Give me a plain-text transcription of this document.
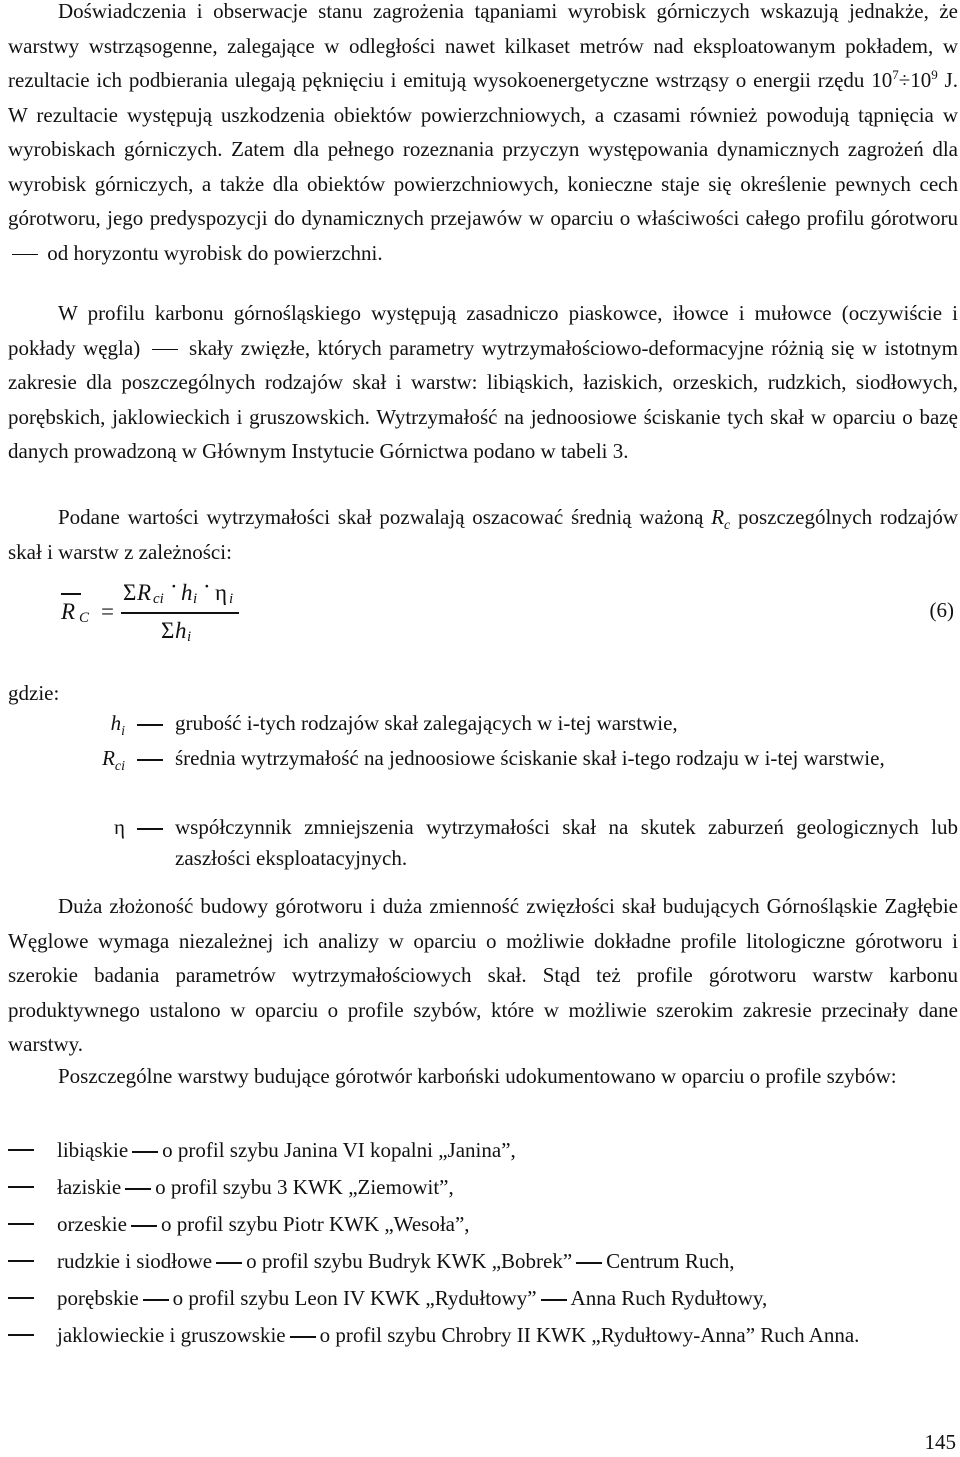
Doświadczenia i obserwacje stanu zagrożenia tąpaniami wyrobisk górniczych wskazują jednakże, że warstwy wstrząsogenne, zalegające w odległości nawet kilkaset metrów nad eksploatowanym pokładem, w rezultacie ich podbierania ulegają pęknięciu i emitują wysokoenergetyczne wstrząsy o energii rzędu $10^7\div 10^9$ J. W rezultacie występują uszkodzenia obiektów powierzchniowych, a czasami również powodują tąpnięcia w wyrobiskach górniczych. Zatem dla pełnego rozeznania przyczyn występowania dynamicznych zagrożeń dla wyrobisk górniczych, a także dla obiektów powierzchniowych, konieczne staje się określenie pewnych cech górotworu, jego predyspozycji do dynamicznych przejawów w oparciu o właściwości całego profilu górotworu  od horyzontu wyrobisk do powierzchni.

W profilu karbonu górnośląskiego występują zasadniczo piaskowce, iłowce i mułowce (oczywiście i pokłady węgla)  skały zwięzłe, których parametry wytrzymałościowo-deformacyjne różnią się w istotnym zakresie dla poszczególnych rodzajów skał i warstw: libiąskich, łaziskich, orzeskich, rudzkich, siodłowych, porębskich, jaklowieckich i gruszowskich. Wytrzymałość na jednoosiowe ściskanie tych skał w oparciu o bazę danych prowadzoną w Głównym Instytucie Górnictwa podano w tabeli 3.

Podane wartości wytrzymałości skał pozwalają oszacować średnią ważoną $R_c$ poszczególnych rodzajów skał i warstw z zależności:

R C =
Σ R ci · h i · η i
Σ h i
(6)
gdzie:
$h_i$ grubość i-tych rodzajów skał zalegających w i-tej warstwie,
$R_{ci}$ średnia wytrzymałość na jednoosiowe ściskanie skał i-tego rodzaju w i-tej warstwie,
η współczynnik zmniejszenia wytrzymałości skał na skutek zaburzeń geologicznych lub zaszłości eksploatacyjnych.

Duża złożoność budowy górotworu i duża zmienność zwięzłości skał budujących Górnośląskie Zagłębie Węglowe wymaga niezależnej ich analizy w oparciu o możliwie dokładne profile litologiczne górotworu i szerokie badania parametrów wytrzymałościowych skał. Stąd też profile górotworu warstw karbonu produktywnego ustalono w oparciu o profile szybów, które w możliwie szerokim zakresie przecinały dane warstwy.

Poszczególne warstwy budujące górotwór karboński udokumentowano w oparciu o profile szybów:

libiąskie o profil szybu Janina VI kopalni „Janina”,
łaziskie o profil szybu 3 KWK „Ziemowit”,
orzeskie o profil szybu Piotr KWK „Wesoła”,
rudzkie i siodłowe o profil szybu Budryk KWK „Bobrek” Centrum Ruch,
porębskie o profil szybu Leon IV KWK „Rydułtowy” Anna Ruch Rydułtowy,
jaklowieckie i gruszowskie o profil szybu Chrobry II KWK „Rydułtowy-Anna” Ruch Anna.
145
